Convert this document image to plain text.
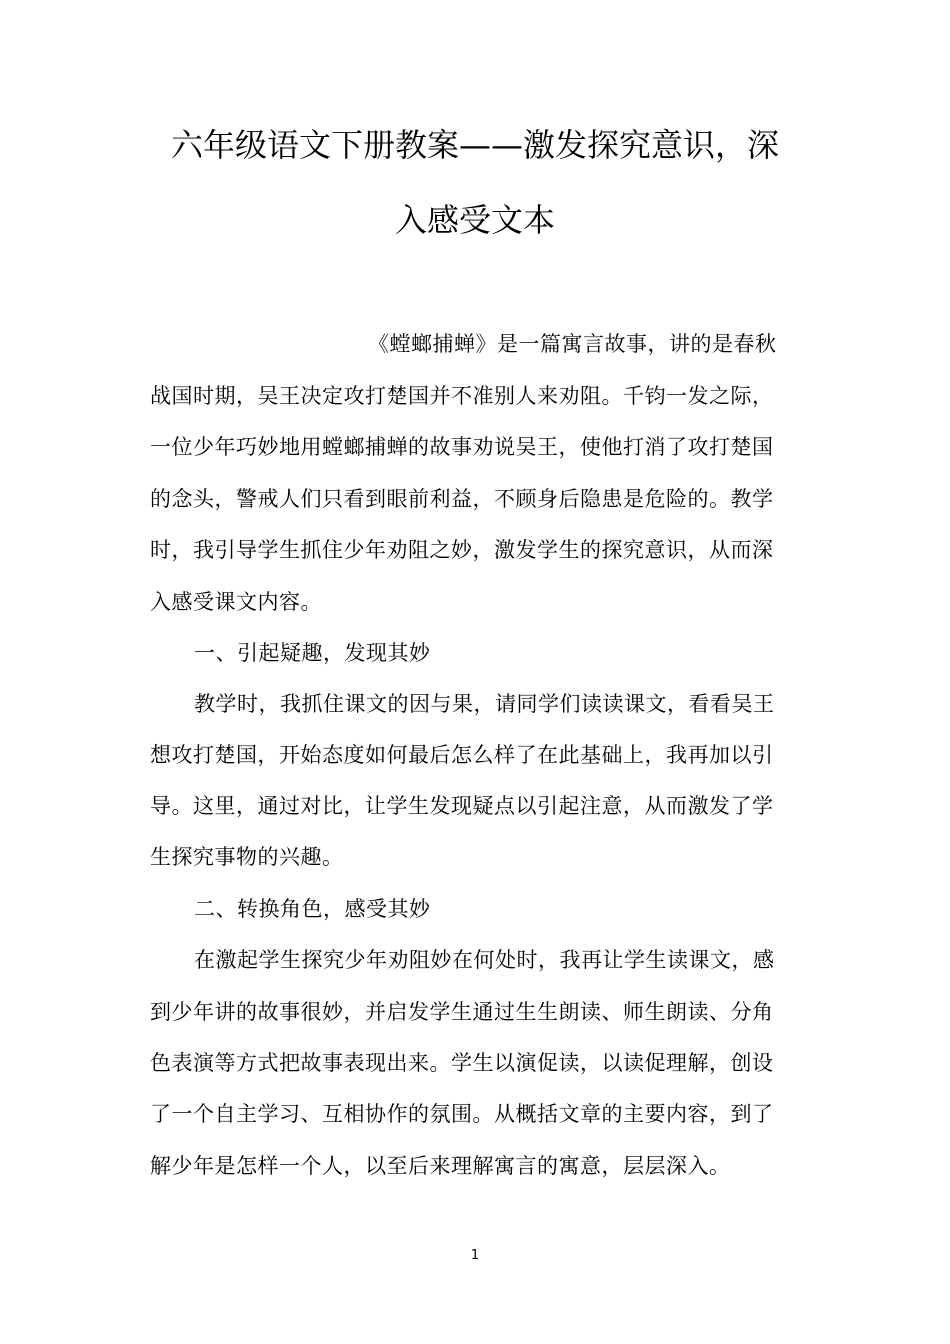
六年级语文下册教案——激发探究意识，深
入感受文本
《螳螂捕蝉》是一篇寓言故事，讲的是春秋
战国时期，吴王决定攻打楚国并不准别人来劝阻。千钧一发之际，
一位少年巧妙地用螳螂捕蝉的故事劝说吴王，使他打消了攻打楚国
的念头，警戒人们只看到眼前利益，不顾身后隐患是危险的。教学
时，我引导学生抓住少年劝阻之妙，激发学生的探究意识，从而深
入感受课文内容。
一、引起疑趣，发现其妙
教学时，我抓住课文的因与果，请同学们读读课文，看看吴王
想攻打楚国，开始态度如何最后怎么样了在此基础上，我再加以引
导。这里，通过对比，让学生发现疑点以引起注意，从而激发了学
生探究事物的兴趣。
二、转换角色，感受其妙
在激起学生探究少年劝阻妙在何处时，我再让学生读课文，感
到少年讲的故事很妙，并启发学生通过生生朗读、师生朗读、分角
色表演等方式把故事表现出来。学生以演促读，以读促理解，创设
了一个自主学习、互相协作的氛围。从概括文章的主要内容，到了
解少年是怎样一个人，以至后来理解寓言的寓意，层层深入。
1
